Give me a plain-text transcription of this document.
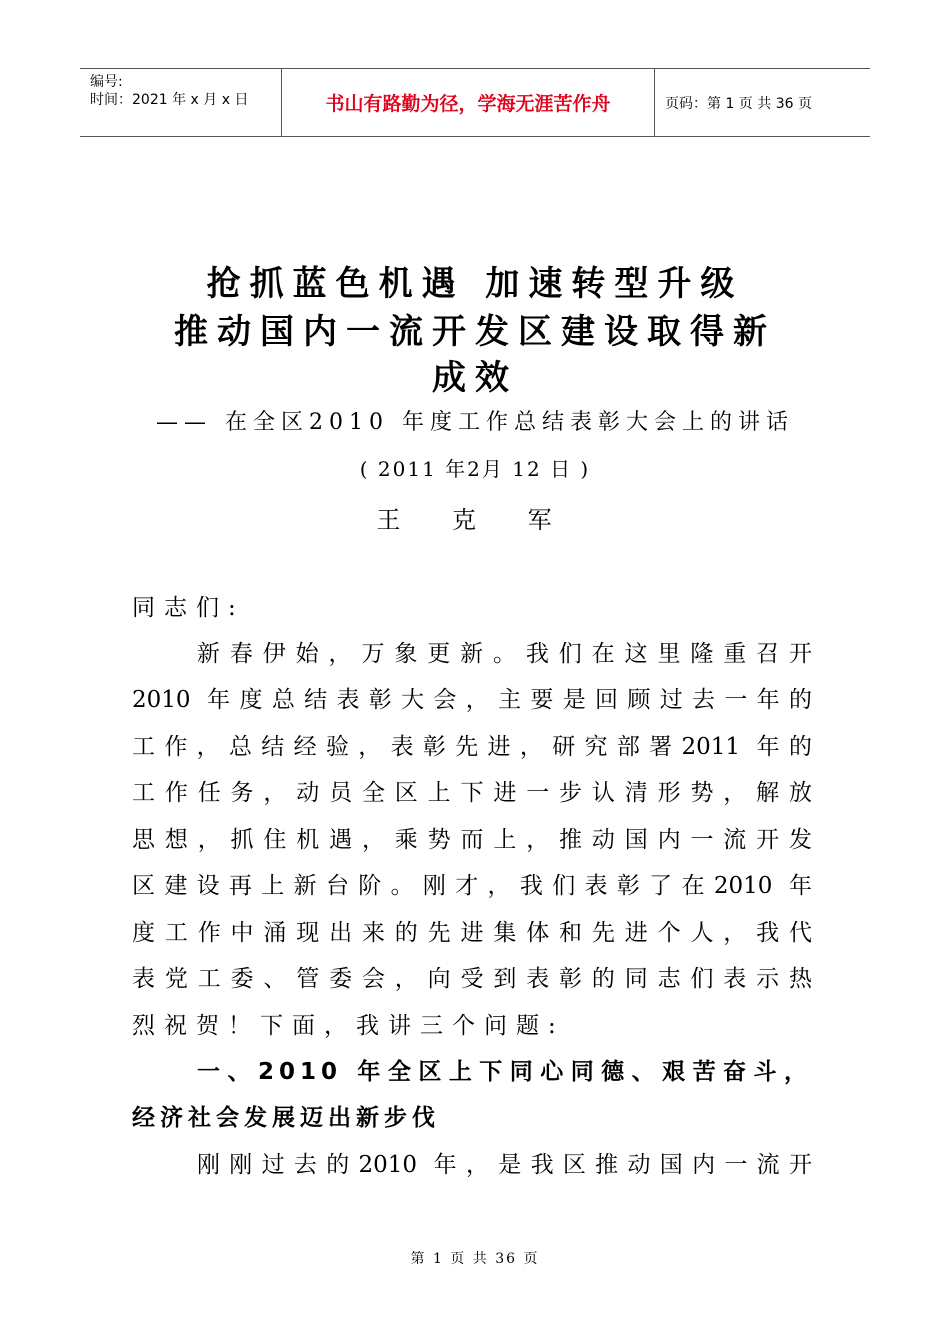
编号:
时间：2021 年 x 月 x 日	书山有路勤为径，学海无涯苦作舟	页码：第 1 页 共 36 页
抢抓蓝色机遇 加速转型升级
推动国内一流开发区建设取得新
成效
—— 在全区2010 年度工作总结表彰大会上的讲话
( 2011 年2月 12 日 )
王 克 军
同志们:
新春伊始，万象更新。我们在这里隆重召开
2010 年度总结表彰大会，主要是回顾过去一年的
工作，总结经验，表彰先进，研究部署2011 年的
工作任务，动员全区上下进一步认清形势，解放
思想，抓住机遇，乘势而上，推动国内一流开发
区建设再上新台阶。刚才，我们表彰了在2010 年
度工作中涌现出来的先进集体和先进个人，我代
表党工委、管委会，向受到表彰的同志们表示热
烈祝贺！下面，我讲三个问题:
一、2010 年全区上下同心同德、艰苦奋斗，
经济社会发展迈出新步伐
刚刚过去的2010 年，是我区推动国内一流开
第 1 页 共 36 页
